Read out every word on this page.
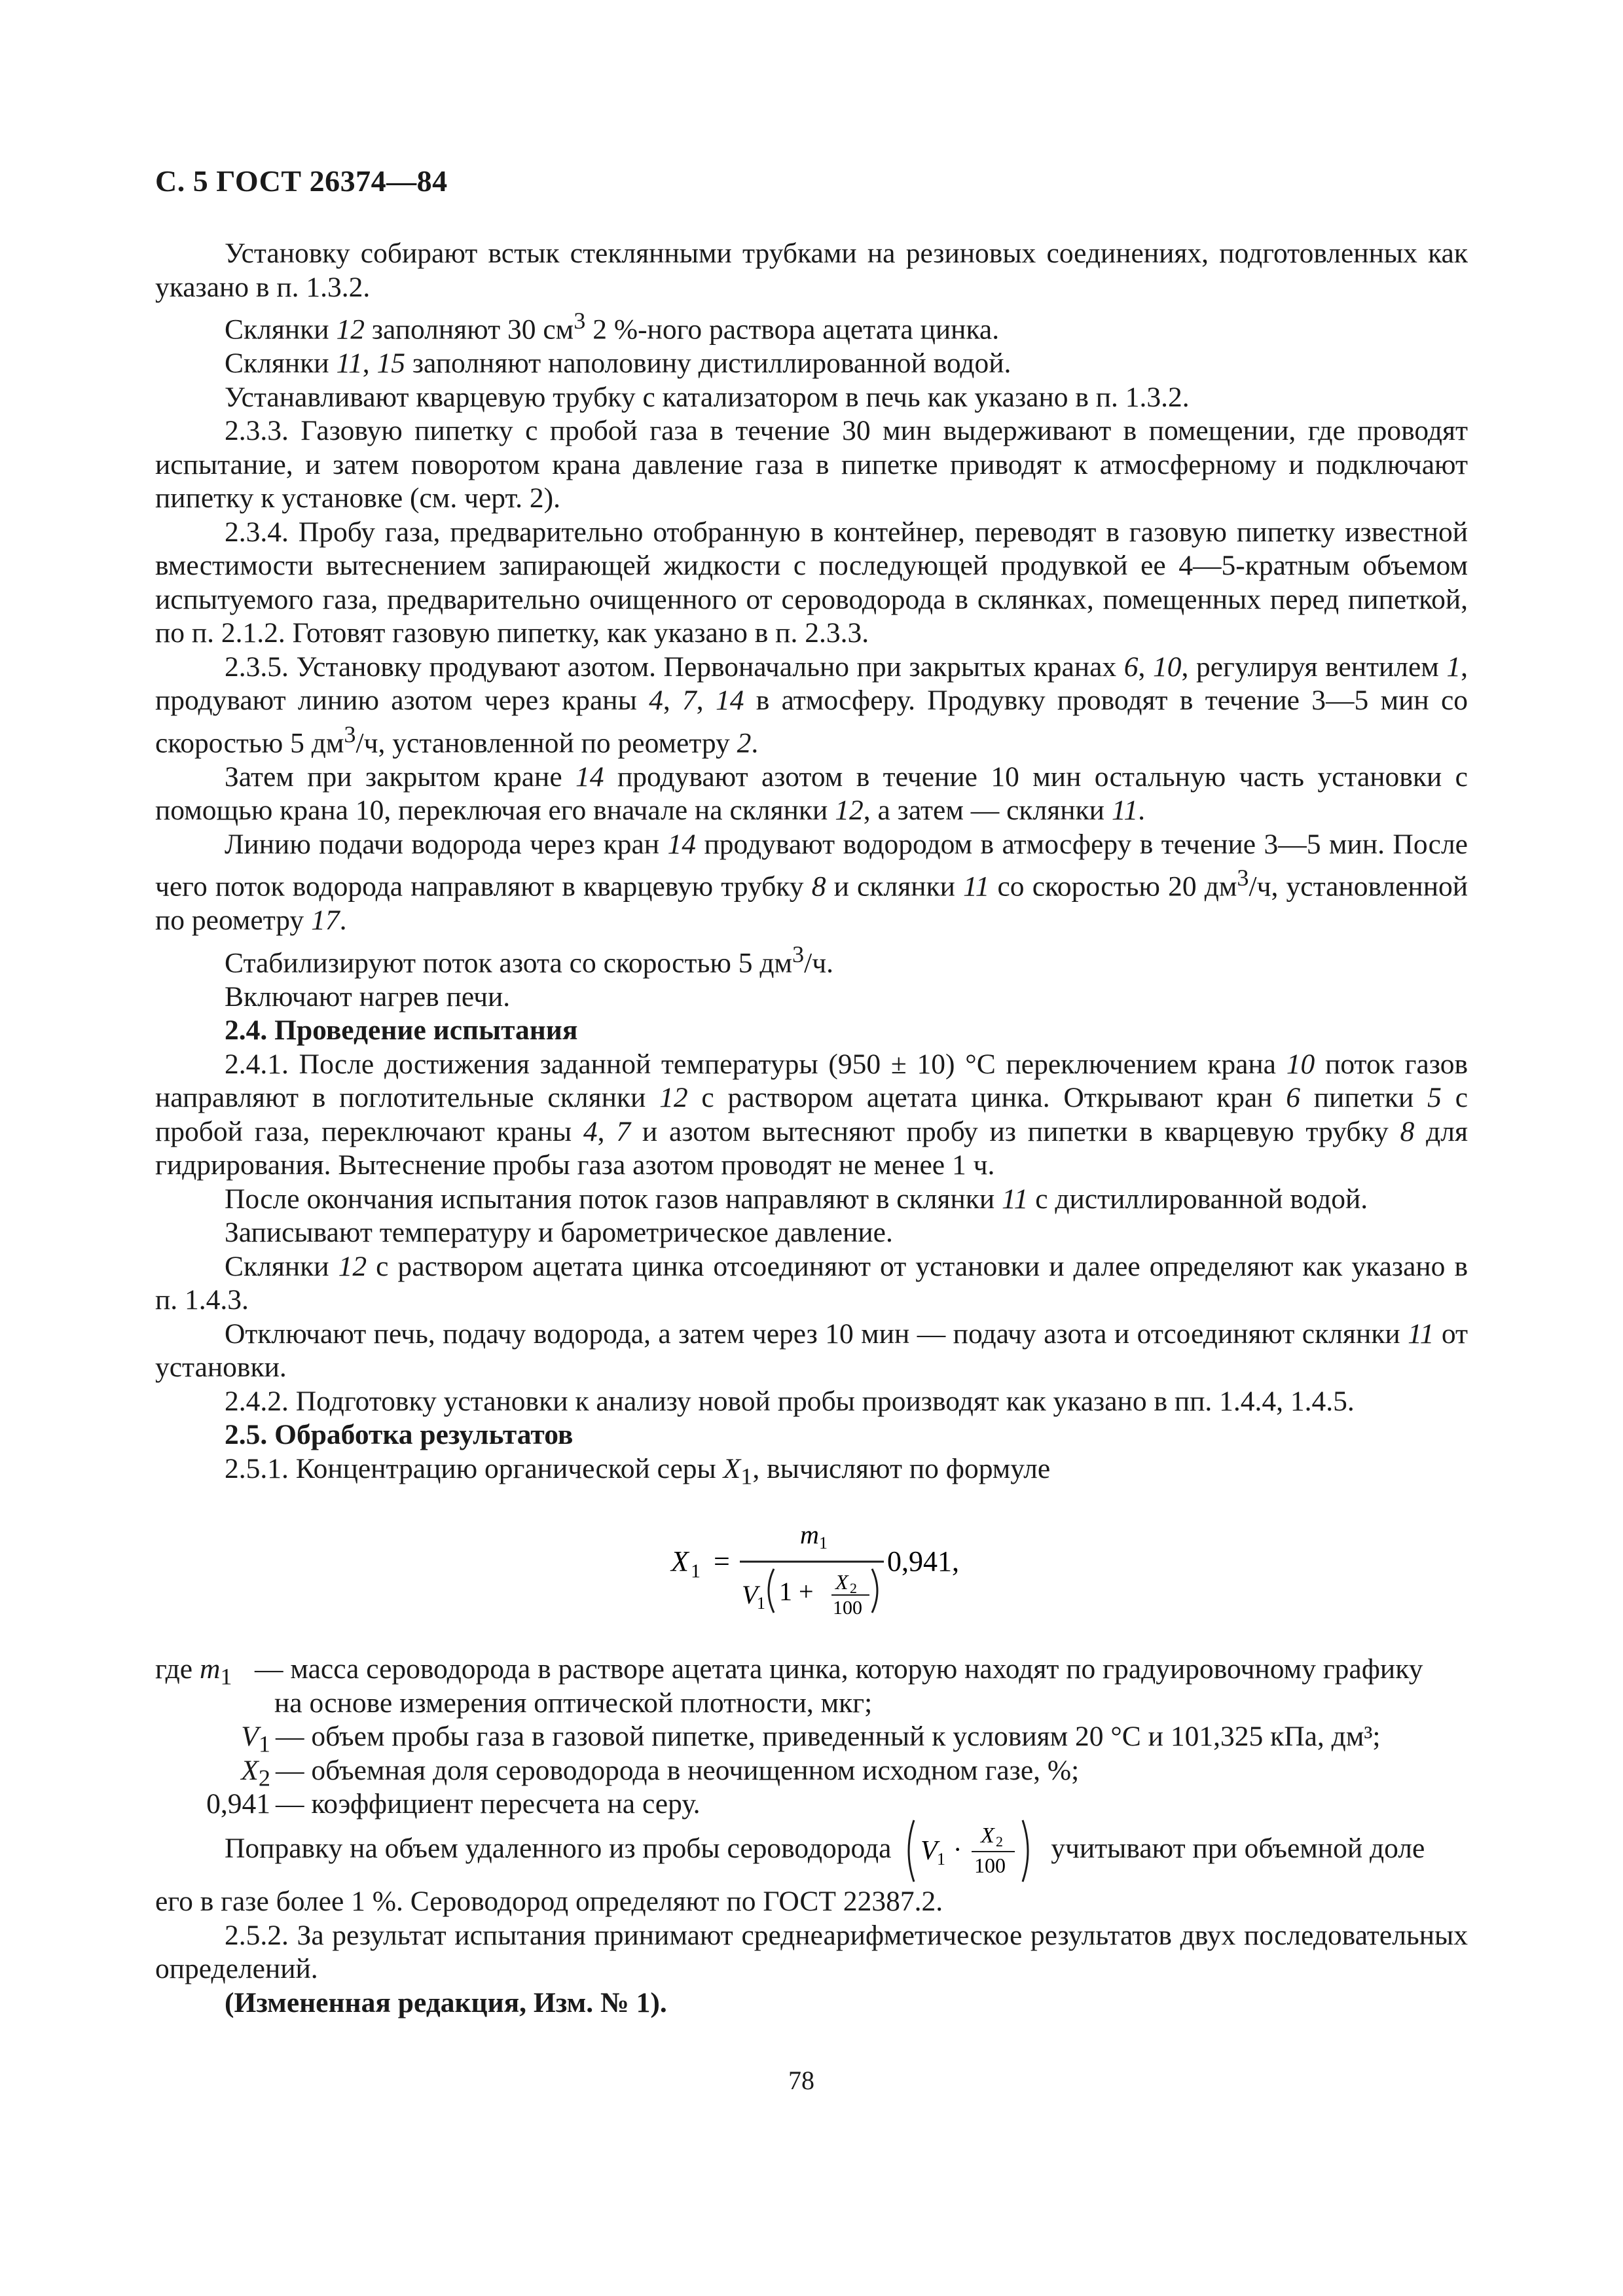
С. 5 ГОСТ 26374—84

Установку собирают встык стеклянными трубками на резиновых соединениях, подготовленных как указано в п. 1.3.2.

Склянки 12 заполняют 30 $см^3$ 2 %-ного раствора ацетата цинка.

Склянки 11, 15 заполняют наполовину дистиллированной водой.

Устанавливают кварцевую трубку с катализатором в печь как указано в п. 1.3.2.

2.3.3. Газовую пипетку с пробой газа в течение 30 мин выдерживают в помещении, где проводят испытание, и затем поворотом крана давление газа в пипетке приводят к атмосферному и подключают пипетку к установке (см. черт. 2).

2.3.4. Пробу газа, предварительно отобранную в контейнер, переводят в газовую пипетку известной вместимости вытеснением запирающей жидкости с последующей продувкой ее 4—5-кратным объемом испытуемого газа, предварительно очищенного от сероводорода в склянках, помещенных перед пипеткой, по п. 2.1.2. Готовят газовую пипетку, как указано в п. 2.3.3.

2.3.5. Установку продувают азотом. Первоначально при закрытых кранах 6, 10, регулируя вентилем 1, продувают линию азотом через краны 4, 7, 14 в атмосферу. Продувку проводят в течение 3—5 мин со скоростью 5 $дм^3/ч$, установленной по реометру 2.

Затем при закрытом кране 14 продувают азотом в течение 10 мин остальную часть установки с помощью крана 10, переключая его вначале на склянки 12, а затем — склянки 11.

Линию подачи водорода через кран 14 продувают водородом в атмосферу в течение 3—5 мин. После чего поток водорода направляют в кварцевую трубку 8 и склянки 11 со скоростью 20 $дм^3/ч$, установленной по реометру 17.

Стабилизируют поток азота со скоростью 5 $дм^3/ч$.

Включают нагрев печи.

2.4. Проведение испытания

2.4.1. После достижения заданной температуры (950 ± 10) °С переключением крана 10 поток газов направляют в поглотительные склянки 12 с раствором ацетата цинка. Открывают кран 6 пипетки 5 с пробой газа, переключают краны 4, 7 и азотом вытесняют пробу из пипетки в кварцевую трубку 8 для гидрирования. Вытеснение пробы газа азотом проводят не менее 1 ч.

После окончания испытания поток газов направляют в склянки 11 с дистиллированной водой.

Записывают температуру и барометрическое давление.

Склянки 12 с раствором ацетата цинка отсоединяют от установки и далее определяют как указано в п. 1.4.3.

Отключают печь, подачу водорода, а затем через 10 мин — подачу азота и отсоединяют склянки 11 от установки.

2.4.2. Подготовку установки к анализу новой пробы производят как указано в пп. 1.4.4, 1.4.5.

2.5. Обработка результатов

2.5.1. Концентрацию органической серы $X_1$, вычисляют по формуле

X 1 =
m 1
V
1 1 + X 2
100
0,941,
где $m_1$ — масса сероводорода в растворе ацетата цинка, которую находят по градуировочному графику
на основе измерения оптической плотности, мкг;
$V_1$ — объем пробы газа в газовой пипетке, приведенный к условиям 20 °С и 101,325 кПа, дм³;
$X_2$ — объемная доля сероводорода в неочищенном исходном газе, %;
0,941 — коэффициент пересчета на серу.
Поправку на объем удаленного из пробы сероводорода V 1 · X 2
100
учитывают при объемной доле

его в газе более 1 %. Сероводород определяют по ГОСТ 22387.2.

2.5.2. За результат испытания принимают среднеарифметическое результатов двух последовательных определений.

(Измененная редакция, Изм. № 1).

78
